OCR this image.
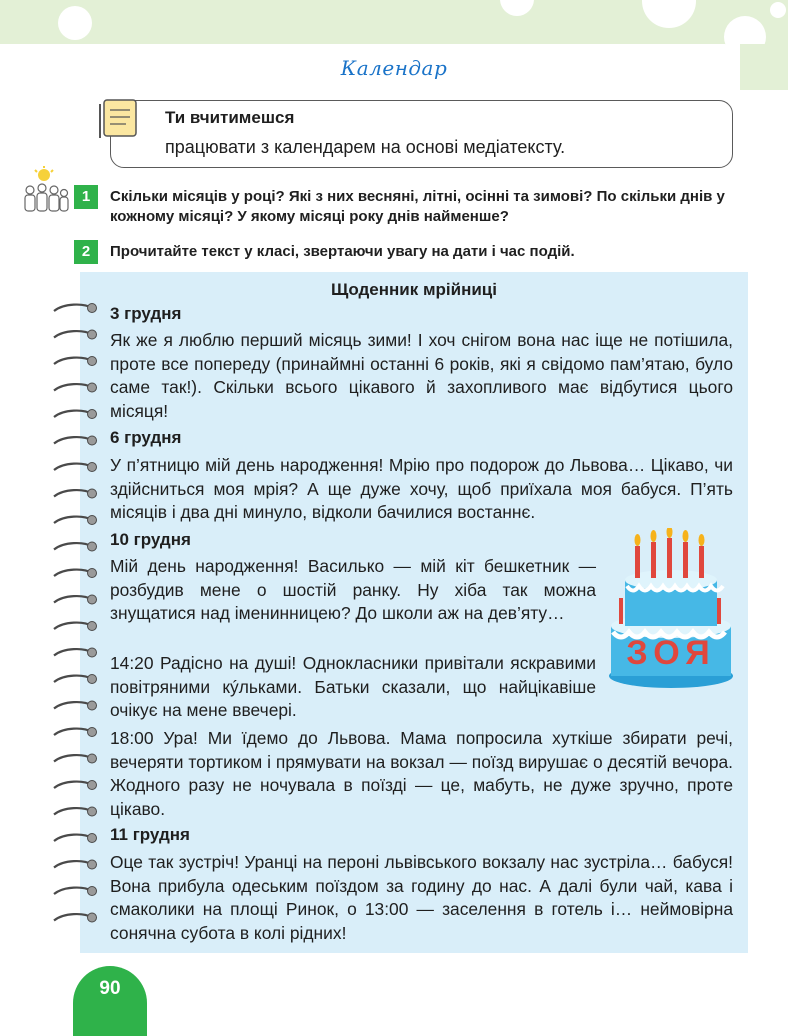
Календар
Ти вчитимешся
працювати з календарем на основі медіатексту.
1	Скільки місяців у році? Які з них весняні, літні, осінні та зимові? По скільки днів у кожному місяці? У якому місяці року днів найменше?
2	Прочитайте текст у класі, звертаючи увагу на дати і час подій.
Щоденник мрійниці
3 грудня
Як же я люблю перший місяць зими! І хоч снігом вона нас іще не потішила, проте все попереду (принаймні останні 6 років, які я свідомо пам’ятаю, було саме так!). Скільки всього цікавого й захопливого має відбутися цього місяця!
6 грудня
У п’ятницю мій день народження! Мрію про подорож до Львова… Цікаво, чи здійсниться моя мрія? А ще дуже хочу, щоб приїхала моя бабуся. П’ять місяців і два дні минуло, відколи бачилися востаннє.
10 грудня
Мій день народження! Василько — мій кіт бешкетник — розбудив мене о шостій ранку. Ну хіба так можна знущатися над іменинницею? До школи аж на дев’яту…
14:20 Радісно на душі! Однокласники привітали яскравими повітряними кýльками. Батьки сказали, що найцікавіше очікує на мене ввечері.
18:00 Ура! Ми їдемо до Львова. Мама попросила хуткіше збирати речі, вечеряти тортиком і прямувати на вокзал — поїзд вирушає о десятій вечора. Жодного разу не ночувала в поїзді — це, мабуть, не дуже зручно, проте цікаво.
11 грудня
Оце так зустріч! Уранці на пероні львівського вокзалу нас зустріла… бабуся! Вона прибула одеським поїздом за годину до нас. А далі були чай, кава і смаколики на площі Ринок, о 13:00 — заселення в готель і… неймовірна сонячна субота в колі рідних!
ЗОЯ
90
